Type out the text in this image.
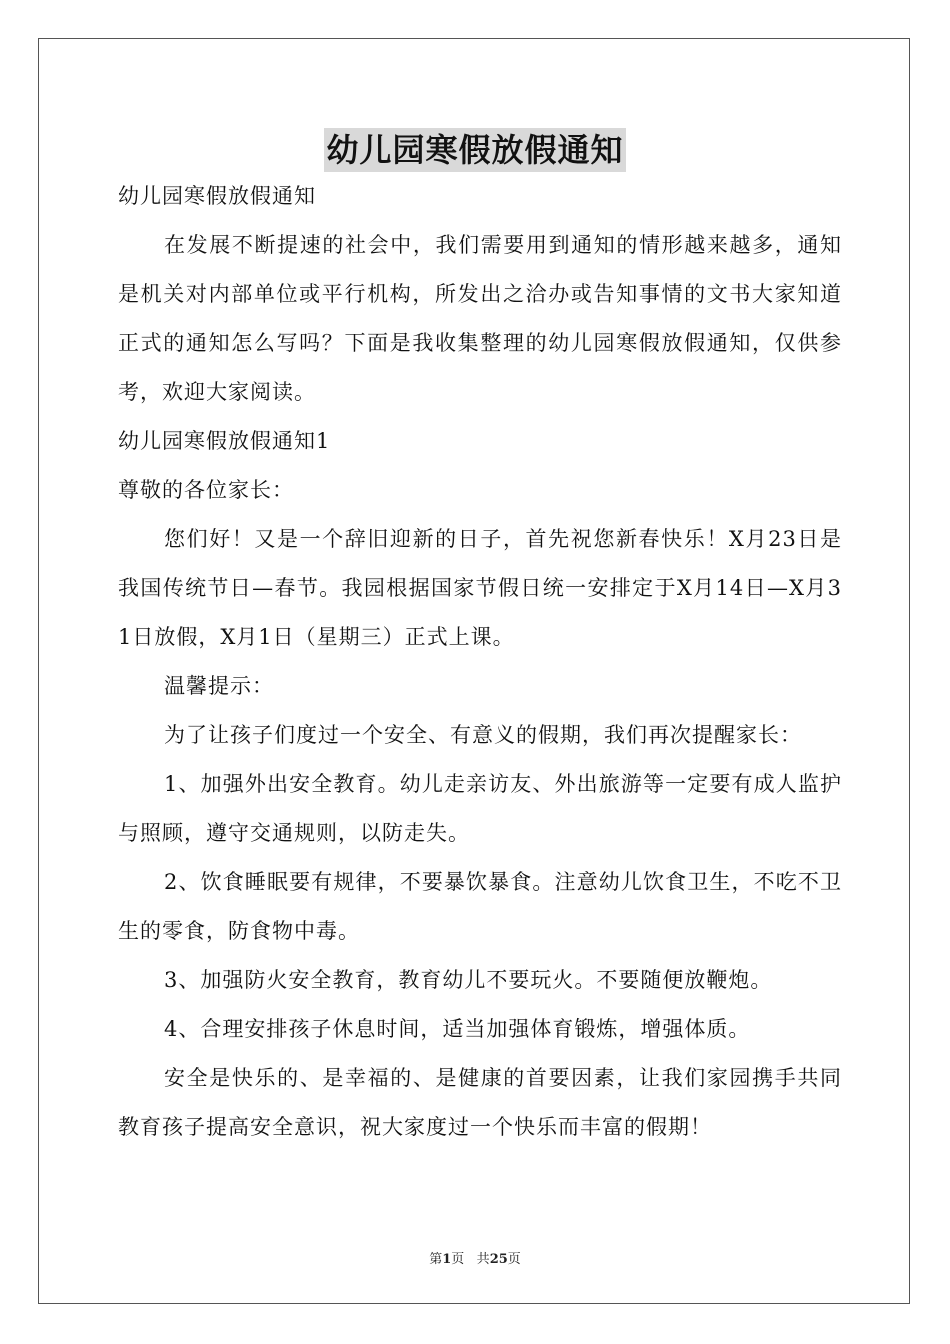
幼儿园寒假放假通知

幼儿园寒假放假通知

在发展不断提速的社会中，我们需要用到通知的情形越来越多，通知是机关对内部单位或平行机构，所发出之洽办或告知事情的文书大家知道正式的通知怎么写吗？下面是我收集整理的幼儿园寒假放假通知，仅供参考，欢迎大家阅读。

幼儿园寒假放假通知1

尊敬的各位家长：

您们好！又是一个辞旧迎新的日子，首先祝您新春快乐！X月23日是我国传统节日—春节。我园根据国家节假日统一安排定于X月14日—X月31日放假，X月1日（星期三）正式上课。

温馨提示：

为了让孩子们度过一个安全、有意义的假期，我们再次提醒家长：

1、加强外出安全教育。幼儿走亲访友、外出旅游等一定要有成人监护与照顾，遵守交通规则，以防走失。

2、饮食睡眠要有规律，不要暴饮暴食。注意幼儿饮食卫生，不吃不卫生的零食，防食物中毒。

3、加强防火安全教育，教育幼儿不要玩火。不要随便放鞭炮。

4、合理安排孩子休息时间，适当加强体育锻炼，增强体质。

安全是快乐的、是幸福的、是健康的首要因素，让我们家园携手共同教育孩子提高安全意识，祝大家度过一个快乐而丰富的假期！

第1页 共25页
